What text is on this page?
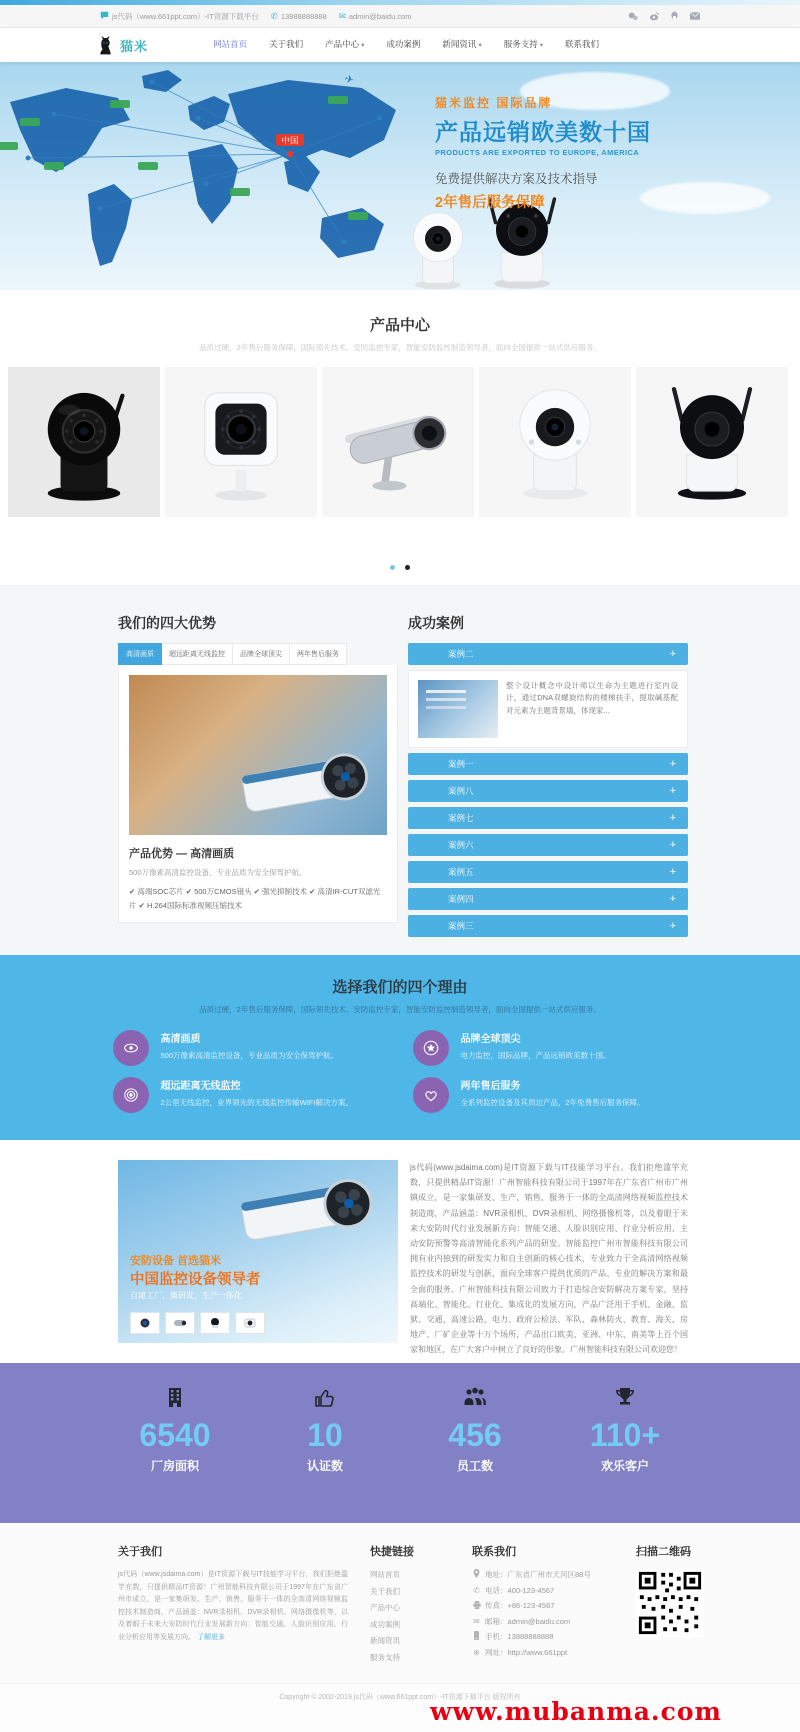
js代码（www.661ppt.com）-IT资源下载平台 ✆ 13888888888 ✉ admin@baidu.com
猫米	网站首页	关于我们	产品中心 ▾	成功案例	新闻资讯 ▾	服务支持 ▾	联系我们
中国
✈
猫米监控 国际品牌
产品远销欧美数十国
PRODUCTS ARE EXPORTED TO EUROPE, AMERICA
免费提供解决方案及技术指导
2年售后服务保障
产品中心
品质过硬，2年售后服务保障，国际领先技术，安防监控专家，智能安防监控制造领导者，面向全国提供一站式供应服务。

我们的四大优势
高清画质	超远距离无线监控	品牌全球顶尖	两年售后服务
产品优势 — 高清画质
500万像素高清监控设备，专业品质为安全保驾护航。
✔ 高端SOC芯片 ✔ 500万CMOS镜头 ✔ 强光抑制技术 ✔ 高清IR-CUT双滤光片 ✔ H.264国际标准视频压缩技术
成功案例
案例二
+
整个设计概念中设计师以生命为主题进行室内设计，通过DNA双螺旋结构的楼梯扶手，提取碱基配对元素为主题背景墙，体现家...
案例一
+
案例八
+
案例七
+
案例六
+
案例五
+
案例四
+
案例三
+
选择我们的四个理由
品质过硬，2年售后服务保障，国际领先技术，安防监控专家，智能安防监控制造领导者，面向全国提供一站式供应服务。
高清画质
500万像素高清监控设备，专业品质为安全保驾护航。
品牌全球顶尖
电力监控，国际品牌，产品远销欧美数十国。
超远距离无线监控
2公里无线监控，业界领先的无线监控传输WIFI解决方案。
两年售后服务
全系列监控设备及其周边产品，2年免费售后服务保障。
安防设备 首选猫米
中国监控设备领导者
自建工厂，集研发，生产一体化
js代码(www.jsdaima.com)是IT资源下载与IT技能学习平台。我们拒绝滥竽充数，只提供精品IT资源！广州智能科技有限公司于1997年在广东省广州市广州镇成立，是一家集研发、生产、销售、服务于一体的全高清网络视频监控技术制造商，产品涵盖：NVR录相机、DVR录相机、网络摄像机等，以及着眼于未来大安防时代行业发展新方向：智能交通、人脸识别应用、行业分析应用、主动安防预警等高清智能化系列产品的研发。智能监控广州市智能科技有限公司拥有业内独到的研发实力和自主创新的核心技术，专业致力于全高清网络视频监控技术的研发与创新，面向全球客户提供优质的产品、专业的解决方案和最全面的服务。广州智能科技有限公司致力于打造综合安防解决方案专家，坚持高端化、智能化、行业化、集成化的发展方向，产品广泛用于手机、金融、监狱、交通、高速公路、电力、政府公检法、军队、森林防火、教育、海关、房地产、厂矿企业等十万个场所，产品出口欧美、亚洲、中东、南美等上百个国家和地区，在广大客户中树立了良好的形象。广州智能科技有限公司欢迎您！
6540
厂房面积
10
认证数
456
员工数
110+
欢乐客户
关于我们
js代码（www.jsdaima.com）是IT资源下载与IT技能学习平台，我们拒绝滥竽充数，只提供精品IT资源！广州智能科技有限公司于1997年在广东省广州市成立，是一家集研发、生产、销售、服务于一体的全高清网络视频监控技术制造商，产品涵盖：NVR录相机、DVR录相机、网络摄像机等，以及着眼于未来大安防时代行业发展新方向：智能交通、人脸识别应用、行业分析应用等发展方向。 了解更多
快捷链接
网站首页
关于我们
产品中心
成功案例
新闻资讯
服务支持
联系我们
地址：广东省广州市天河区88号
✆ 电话：400-123-4567
传真：+86-123-4567
✉ 邮箱：admin@baidu.com
手机：13888888888
⊕ 网址：http://www.661ppt
扫描二维码
Copyright © 2002-2019 js代码（www.661ppt.com）-IT资源下载平台 版权所有
www.mubanma.com
